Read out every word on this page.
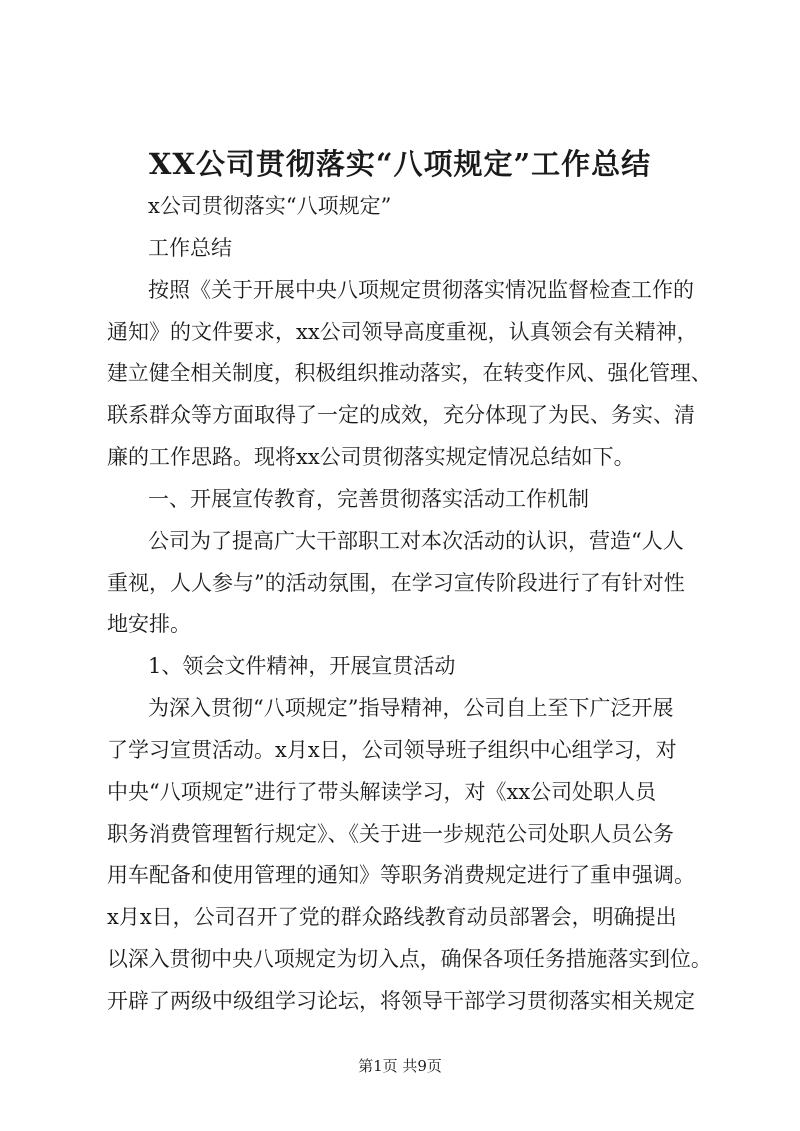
XX公司贯彻落实“八项规定”工作总结
x公司贯彻落实“八项规定”
工作总结
按照《关于开展中央八项规定贯彻落实情况监督检查工作的
通知》的文件要求，xx公司领导高度重视，认真领会有关精神，
建立健全相关制度，积极组织推动落实，在转变作风、强化管理、
联系群众等方面取得了一定的成效，充分体现了为民、务实、清
廉的工作思路。现将xx公司贯彻落实规定情况总结如下。
一、开展宣传教育，完善贯彻落实活动工作机制
公司为了提高广大干部职工对本次活动的认识，营造“人人
重视，人人参与”的活动氛围，在学习宣传阶段进行了有针对性
地安排。
1、领会文件精神，开展宣贯活动
为深入贯彻“八项规定”指导精神，公司自上至下广泛开展
了学习宣贯活动。x月x日，公司领导班子组织中心组学习，对
中央“八项规定”进行了带头解读学习，对《xx公司处职人员
职务消费管理暂行规定》、《关于进一步规范公司处职人员公务
用车配备和使用管理的通知》等职务消费规定进行了重申强调。
x月x日，公司召开了党的群众路线教育动员部署会，明确提出
以深入贯彻中央八项规定为切入点，确保各项任务措施落实到位。
开辟了两级中级组学习论坛，将领导干部学习贯彻落实相关规定
第1页 共9页
